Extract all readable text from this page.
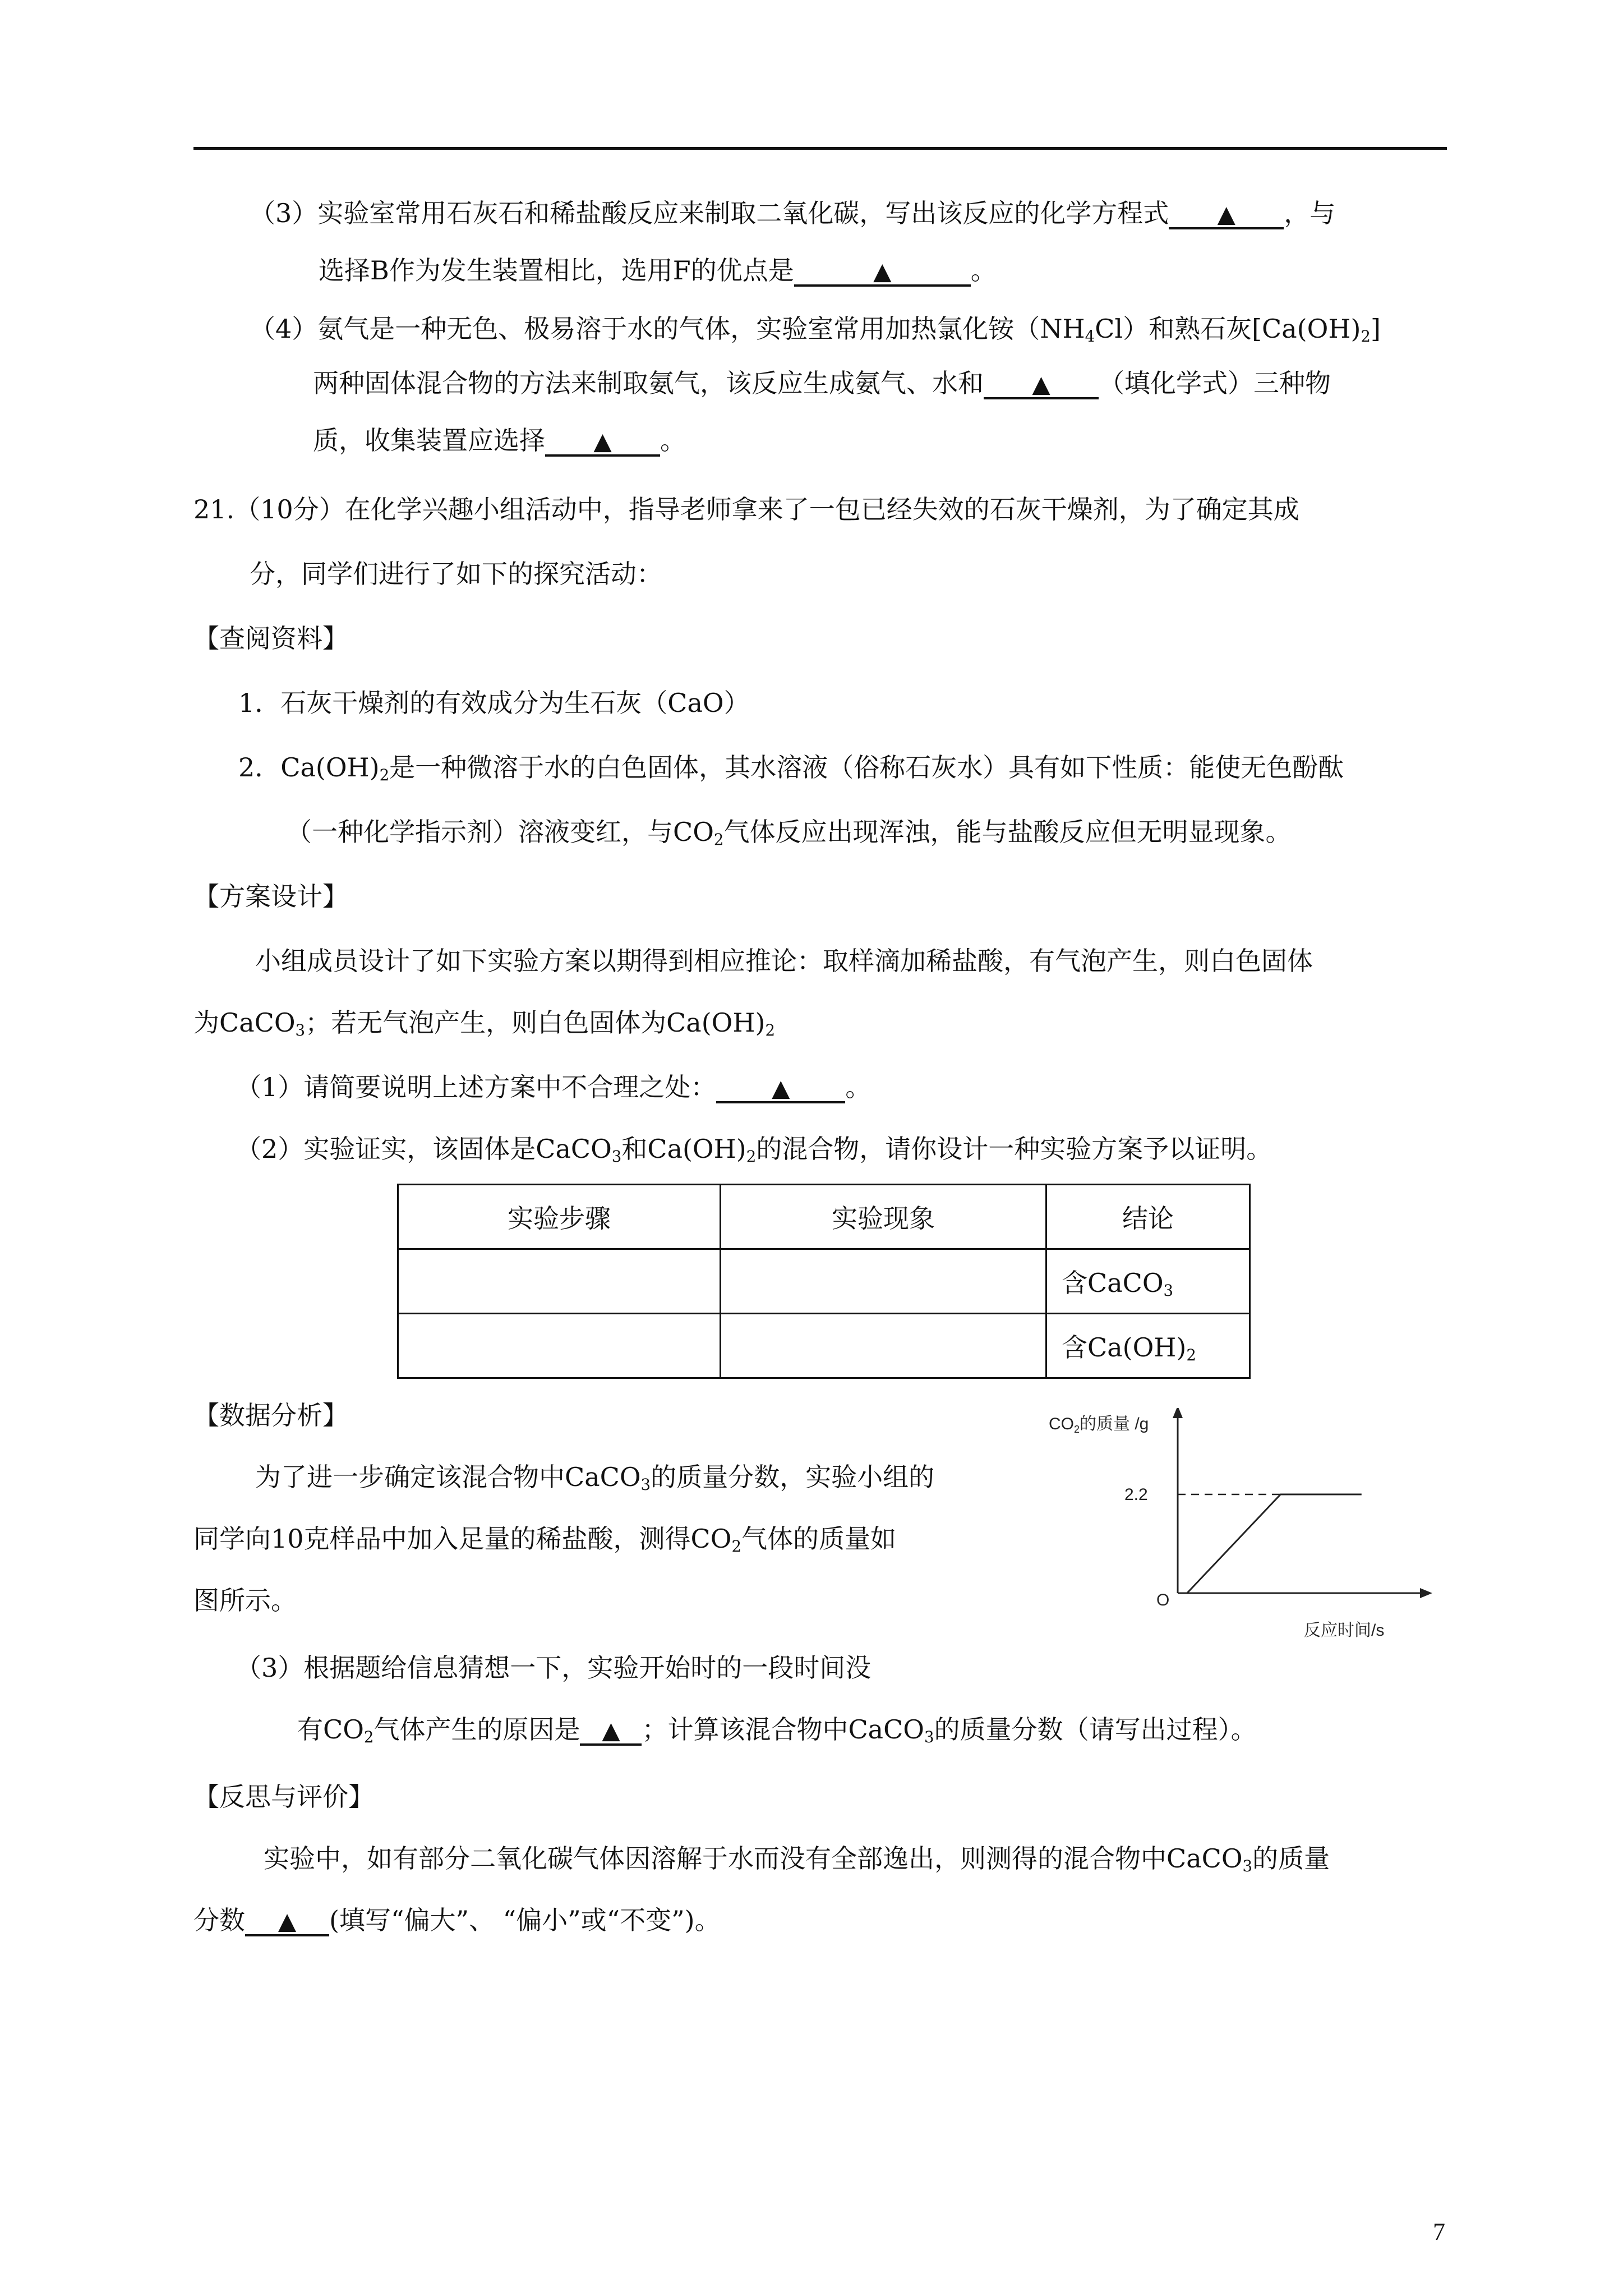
（3）实验室常用石灰石和稀盐酸反应来制取二氧化碳，写出该反应的化学方程式 ▲ ，与
选择B作为发生装置相比，选用F的优点是	▲	。
（4）氨气是一种无色、极易溶于水的气体，实验室常用加热氯化铵$(NH_4Cl)$和熟石灰$[Ca(OH)_2]$
两种固体混合物的方法来制取氨气，该反应生成氨气、水和 ▲ （填化学式）三种物
质，收集装置应选择 ▲ 。
21.（10分）在化学兴趣小组活动中，指导老师拿来了一包已经失效的石灰干燥剂，为了确定其成
分，同学们进行了如下的探究活动：
【查阅资料】
1．石灰干燥剂的有效成分为生石灰（CaO）
2．$Ca(OH)_2$是一种微溶于水的白色固体，其水溶液（俗称石灰水）具有如下性质：能使无色酚酞
（一种化学指示剂）溶液变红，与$CO_2$气体反应出现浑浊，能与盐酸反应但无明显现象。
【方案设计】
小组成员设计了如下实验方案以期得到相应推论：取样滴加稀盐酸，有气泡产生，则白色固体
为CaCO$_3$；若无气泡产生，则白色固体为$Ca(OH)_2$
（1）请简要说明上述方案中不合理之处： ▲ 。
（2）实验证实，该固体是CaCO$_3$和$Ca(OH)_2$的混合物，请你设计一种实验方案予以证明。
实验步骤	实验现象	结论
		含CaCO$_3$
		含$Ca(OH)_2$
【数据分析】
为了进一步确定该混合物中CaCO$_3$的质量分数，实验小组的
同学向10克样品中加入足量的稀盐酸，测得$CO_2$气体的质量如
图所示。
$CO_2$的质量 /g
2.2
O
反应时间/s
（3）根据题给信息猜想一下，实验开始时的一段时间没
有$CO_2$气体产生的原因是 ▲ ；计算该混合物中CaCO$_3$的质量分数（请写出过程）。
【反思与评价】
实验中，如有部分二氧化碳气体因溶解于水而没有全部逸出，则测得的混合物中CaCO$_3$的质量
分数 ▲ (填写“偏大”、 “偏小”或“不变”)。
7
